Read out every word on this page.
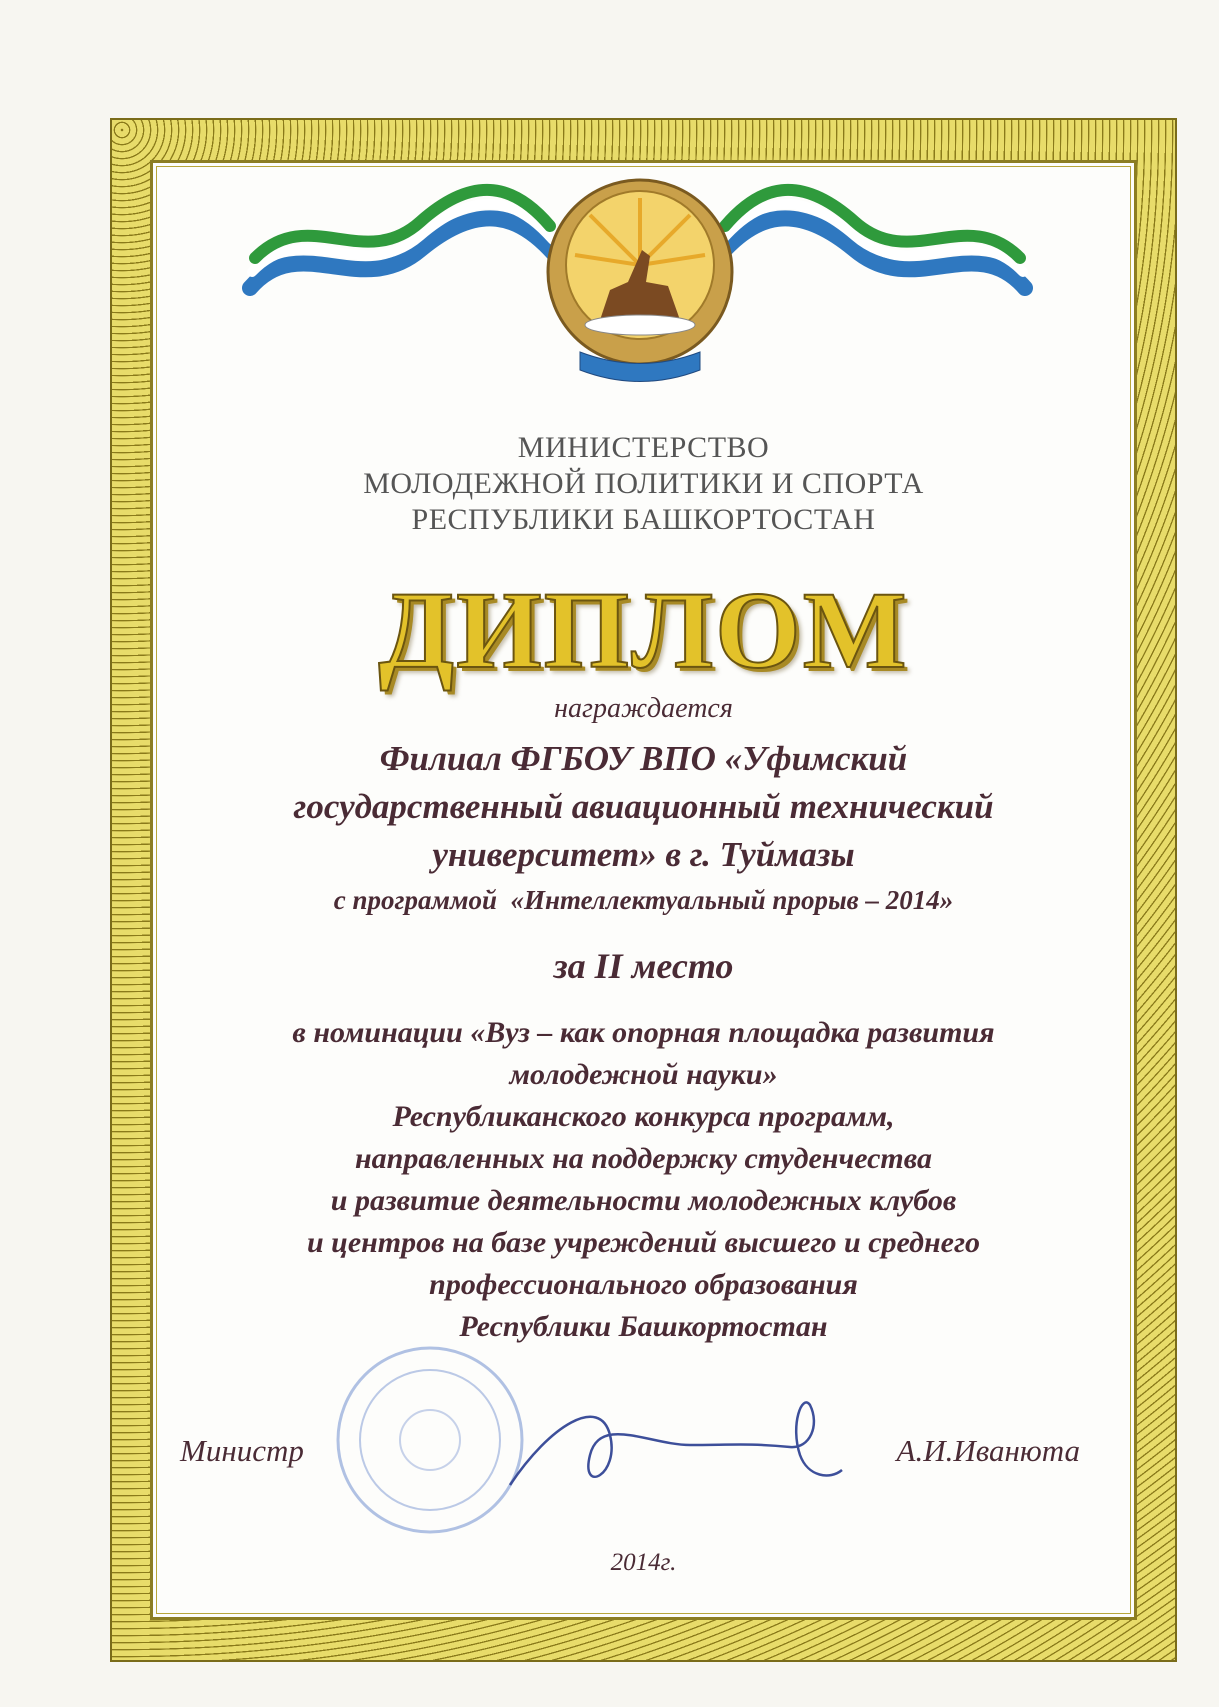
МИНИСТЕРСТВО
МОЛОДЕЖНОЙ ПОЛИТИКИ И СПОРТА
РЕСПУБЛИКИ БАШКОРТОСТАН
ДИПЛОМ
награждается
Филиал ФГБОУ ВПО «Уфимский
государственный авиационный технический
университет» в г. Туймазы
с программой  «Интеллектуальный прорыв – 2014»
за II место
в номинации «Вуз – как опорная площадка развития
молодежной науки»
Республиканского конкурса программ,
направленных на поддержку студенчества
и развитие деятельности молодежных клубов
и центров на базе учреждений высшего и среднего
профессионального образования
Республики Башкортостан
Министр	А.И.Иванюта
2014г.
